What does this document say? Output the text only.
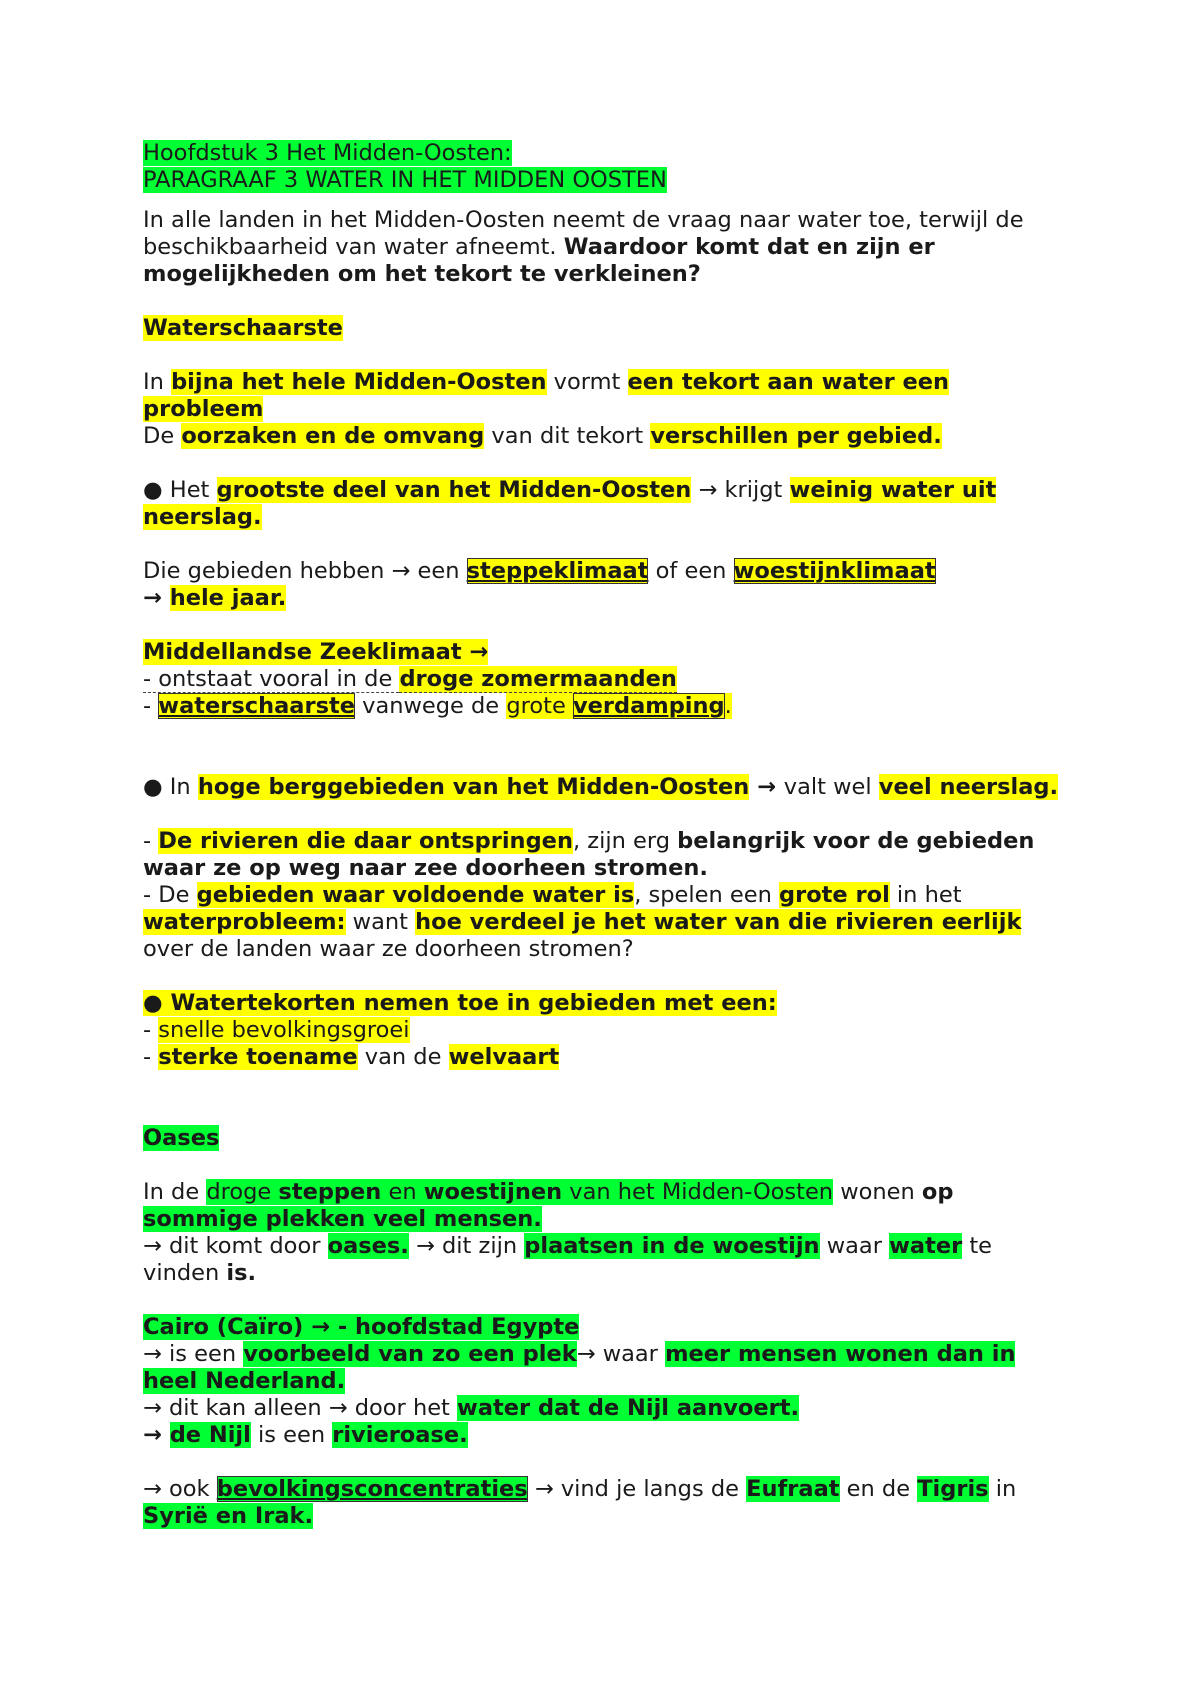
Hoofdstuk 3 Het Midden-Oosten:
PARAGRAAF 3 WATER IN HET MIDDEN OOSTEN
In alle landen in het Midden-Oosten neemt de vraag naar water toe, terwijl de
beschikbaarheid van water afneemt. Waardoor komt dat en zijn er
mogelijkheden om het tekort te verkleinen?
Waterschaarste
In bijna het hele Midden-Oosten vormt een tekort aan water een
probleem
De oorzaken en de omvang van dit tekort verschillen per gebied.
● Het grootste deel van het Midden-Oosten → krijgt weinig water uit
neerslag.
Die gebieden hebben → een steppeklimaat of een woestijnklimaat
→ hele jaar.
Middellandse Zeeklimaat →
- ontstaat vooral in de droge zomermaanden
- waterschaarste vanwege de grote verdamping.
● In hoge berggebieden van het Midden-Oosten → valt wel veel neerslag.
- De rivieren die daar ontspringen, zijn erg belangrijk voor de gebieden
waar ze op weg naar zee doorheen stromen.
- De gebieden waar voldoende water is, spelen een grote rol in het
waterprobleem: want hoe verdeel je het water van die rivieren eerlijk
over de landen waar ze doorheen stromen?
● Watertekorten nemen toe in gebieden met een:
- snelle bevolkingsgroei
- sterke toename van de welvaart
Oases
In de droge steppen en woestijnen van het Midden-Oosten wonen op
sommige plekken veel mensen.
→ dit komt door oases. → dit zijn plaatsen in de woestijn waar water te
vinden is.
Cairo (Caïro) → - hoofdstad Egypte
→ is een voorbeeld van zo een plek→ waar meer mensen wonen dan in
heel Nederland.
→ dit kan alleen → door het water dat de Nijl aanvoert.
→ de Nijl is een rivieroase.
→ ook bevolkingsconcentraties → vind je langs de Eufraat en de Tigris in
Syrië en Irak.
